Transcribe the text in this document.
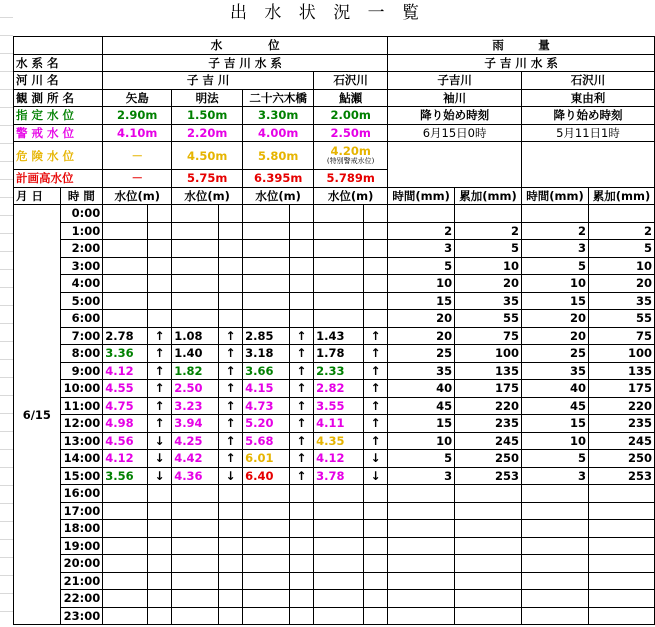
出 水 状 況 一 覧
		水　　　　位								雨　　　量			
水 系 名		子 吉 川 水 系								子 吉 川 水 系			
河 川 名		子 吉 川						石沢川		子吉川		石沢川	
観 測 所 名		矢島		明法		二十六木橋		鮎瀬		袖川		東由利	
指 定 水 位		2.90m		1.50m		3.30m		2.00m		降り始め時刻		降り始め時刻	
警 戒 水 位		4.10m		2.20m		4.00m		2.50m		6月15日0時		5月11日1時	
危 険 水 位		－		4.50m		5.80m		4.20m
(特別警戒水位)					

計画高水位		－		5.75m		6.395m		5.789m					
月 日	時 間	水位(m)		水位(m)		水位(m)		水位(m)		時間(mm)	累加(mm)	時間(mm)	累加(mm)
6/15	0:00												
	1:00									2	2	2	2
	2:00									3	5	3	5
	3:00									5	10	5	10
	4:00									10	20	10	20
	5:00									15	35	15	35
	6:00									20	55	20	55
	7:00	2.78	↑	1.08	↑	2.85	↑	1.43	↑	20	75	20	75
	8:00	3.36	↑	1.40	↑	3.18	↑	1.78	↑	25	100	25	100
	9:00	4.12	↑	1.82	↑	3.66	↑	2.33	↑	35	135	35	135
	10:00	4.55	↑	2.50	↑	4.15	↑	2.82	↑	40	175	40	175
	11:00	4.75	↑	3.23	↑	4.73	↑	3.55	↑	45	220	45	220
	12:00	4.98	↑	3.94	↑	5.20	↑	4.11	↑	15	235	15	235
	13:00	4.56	↓	4.25	↑	5.68	↑	4.35	↑	10	245	10	245
	14:00	4.12	↓	4.42	↑	6.01	↑	4.12	↓	5	250	5	250
	15:00	3.56	↓	4.36	↓	6.40	↑	3.78	↓	3	253	3	253
	16:00												
	17:00												
	18:00												
	19:00												
	20:00												
	21:00												
	22:00												
	23:00												
